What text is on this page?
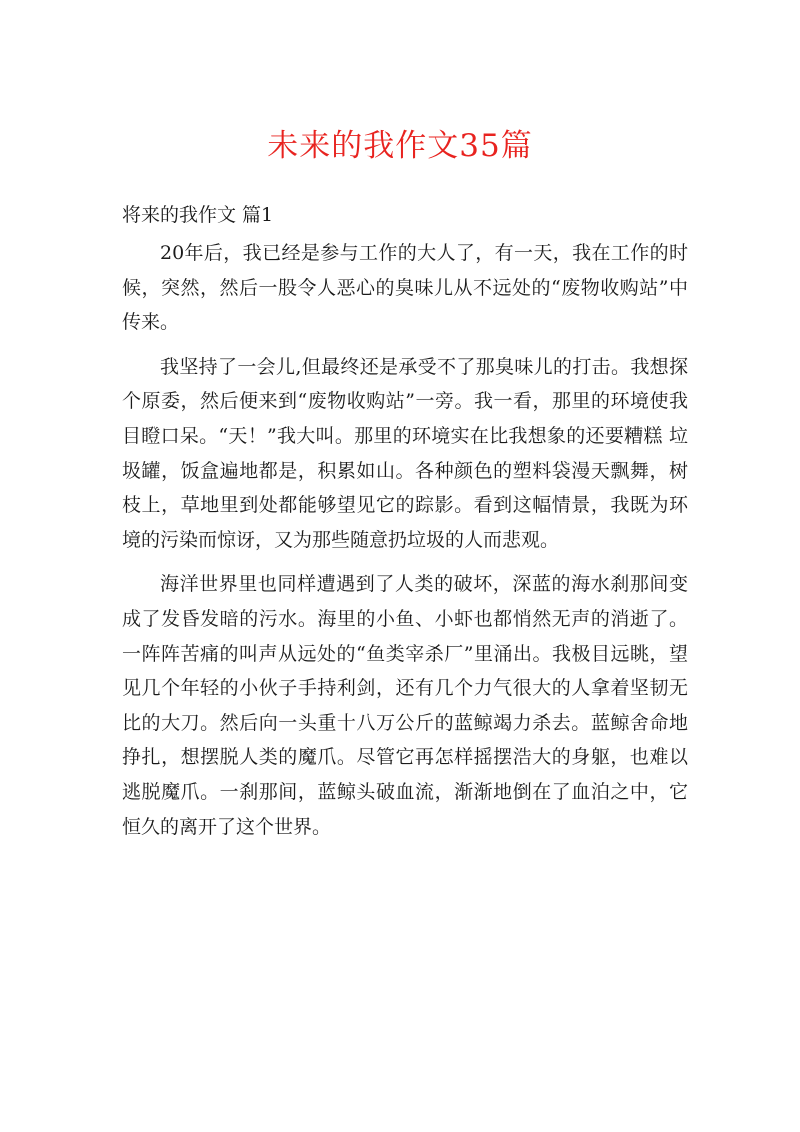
未来的我作文35篇
将来的我作文 篇1

20年后，我已经是参与工作的大人了，有一天，我在工作的时候，突然，然后一股令人恶心的臭味儿从不远处的“废物收购站”中传来。

我坚持了一会儿,但最终还是承受不了那臭味儿的打击。我想探个原委，然后便来到“废物收购站”一旁。我一看，那里的环境使我目瞪口呆。“天！”我大叫。那里的环境实在比我想象的还要糟糕 垃圾罐，饭盒遍地都是，积累如山。各种颜色的塑料袋漫天飘舞，树枝上，草地里到处都能够望见它的踪影。看到这幅情景，我既为环境的污染而惊讶，又为那些随意扔垃圾的人而悲观。

海洋世界里也同样遭遇到了人类的破坏，深蓝的海水刹那间变成了发昏发暗的污水。海里的小鱼、小虾也都悄然无声的消逝了。一阵阵苦痛的叫声从远处的“鱼类宰杀厂”里涌出。我极目远眺，望见几个年轻的小伙子手持利剑，还有几个力气很大的人拿着坚韧无比的大刀。然后向一头重十八万公斤的蓝鲸竭力杀去。蓝鲸舍命地挣扎，想摆脱人类的魔爪。尽管它再怎样摇摆浩大的身躯，也难以逃脱魔爪。一刹那间，蓝鲸头破血流，渐渐地倒在了血泊之中，它恒久的离开了这个世界。
